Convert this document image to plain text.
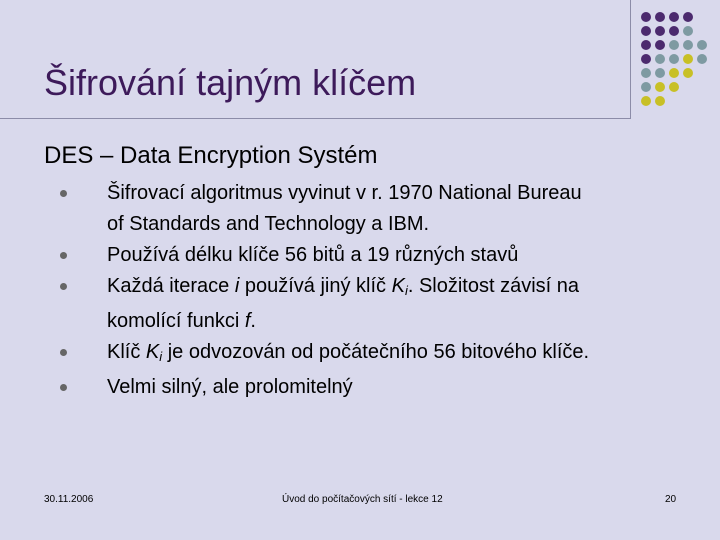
Šifrování tajným klíčem
DES – Data Encryption Systém
Šifrovací algoritmus vyvinut v r. 1970 National Bureau
of Standards and Technology a IBM.
Používá délku klíče 56 bitů a 19 různých stavů
Každá iterace i používá jiný klíč $K_i$. Složitost závisí na
komolící funkci f.
Klíč $K_i$ je odvozován od počátečního 56 bitového klíče.
Velmi silný, ale prolomitelný
30.11.2006	Úvod do počítačových sítí - lekce 12	20
